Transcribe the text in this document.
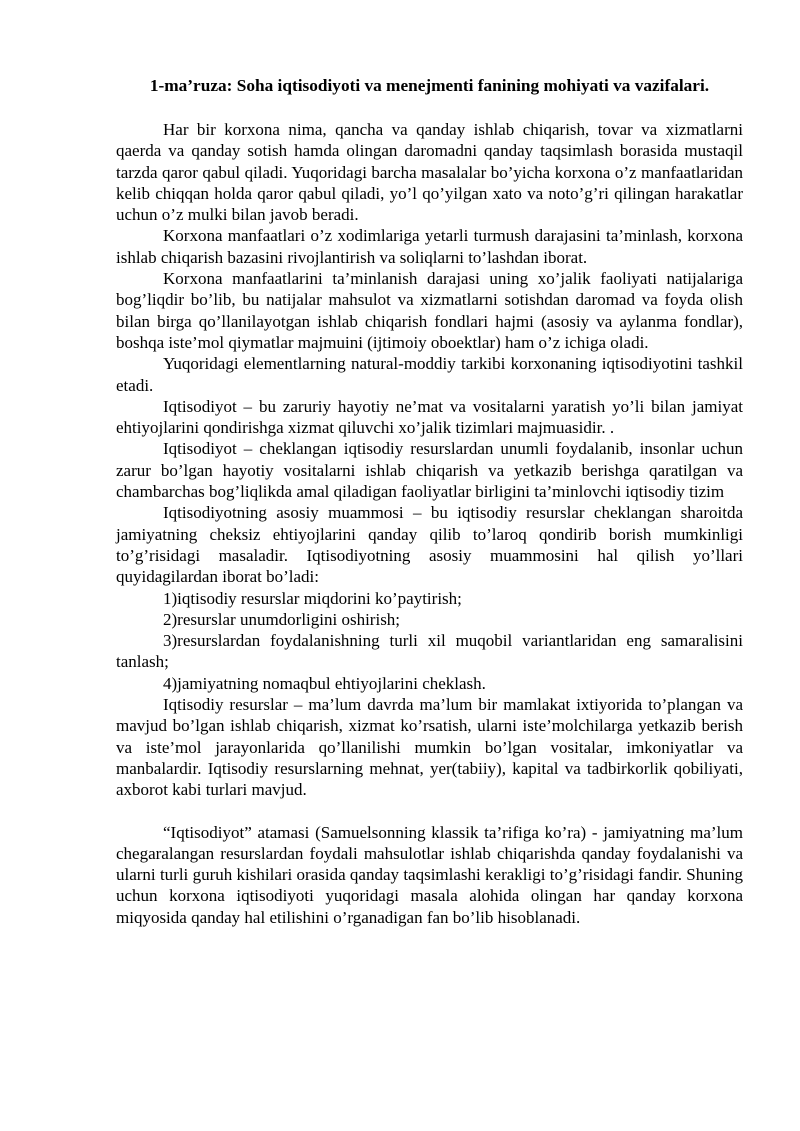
1-ma’ruza: Soha iqtisodiyoti va menejmenti fanining mohiyati va vazifalari.

Har bir korxona nima, qancha va qanday ishlab chiqarish, tovar va xizmatlarni qaerda va qanday sotish hamda olingan daromadni qanday taqsimlash borasida mustaqil tarzda qaror qabul qiladi. Yuqoridagi barcha masalalar bo’yicha korxona o’z manfaatlaridan kelib chiqqan holda qaror qabul qiladi, yo’l qo’yilgan xato va noto’g’ri qilingan harakatlar uchun o’z mulki bilan javob beradi.

Korxona manfaatlari o’z xodimlariga yetarli turmush darajasini ta’minlash, korxona ishlab chiqarish bazasini rivojlantirish va soliqlarni to’lashdan iborat.

Korxona manfaatlarini ta’minlanish darajasi uning xo’jalik faoliyati natijalariga bog’liqdir bo’lib, bu natijalar mahsulot va xizmatlarni sotishdan daromad va foyda olish bilan birga qo’llanilayotgan ishlab chiqarish fondlari hajmi (asosiy va aylanma fondlar), boshqa iste’mol qiymatlar majmuini (ijtimoiy oboektlar) ham o’z ichiga oladi.

Yuqoridagi elementlarning natural-moddiy tarkibi korxonaning iqtisodiyotini tashkil etadi.

Iqtisodiyot – bu zaruriy hayotiy ne’mat va vositalarni yaratish yo’li bilan jamiyat ehtiyojlarini qondirishga xizmat qiluvchi xo’jalik tizimlari majmuasidir. .

Iqtisodiyot – cheklangan iqtisodiy resurslardan unumli foydalanib, insonlar uchun zarur bo’lgan hayotiy vositalarni ishlab chiqarish va yetkazib berishga qaratilgan va chambarchas bog’liqlikda amal qiladigan faoliyatlar birligini ta’minlovchi iqtisodiy tizim

Iqtisodiyotning asosiy muammosi – bu iqtisodiy resurslar cheklangan sharoitda jamiyatning cheksiz ehtiyojlarini qanday qilib to’laroq qondirib borish mumkinligi to’g’risidagi masaladir. Iqtisodiyotning asosiy muammosini hal qilish yo’llari quyidagilardan iborat bo’ladi:

1)iqtisodiy resurslar miqdorini ko’paytirish;

2)resurslar unumdorligini oshirish;

3)resurslardan foydalanishning turli xil muqobil variantlaridan eng samaralisini tanlash;

4)jamiyatning nomaqbul ehtiyojlarini cheklash.

Iqtisodiy resurslar – ma’lum davrda ma’lum bir mamlakat ixtiyorida to’plangan va mavjud bo’lgan ishlab chiqarish, xizmat ko’rsatish, ularni iste’molchilarga yetkazib berish va iste’mol jarayonlarida qo’llanilishi mumkin bo’lgan vositalar, imkoniyatlar va manbalardir. Iqtisodiy resurslarning mehnat, yer(tabiiy), kapital va tadbirkorlik qobiliyati, axborot kabi turlari mavjud.

“Iqtisodiyot” atamasi (Samuelsonning klassik ta’rifiga ko’ra) - jamiyatning ma’lum chegaralangan resurslardan foydali mahsulotlar ishlab chiqarishda qanday foydalanishi va ularni turli guruh kishilari orasida qanday taqsimlashi kerakligi to’g’risidagi fandir. Shuning uchun korxona iqtisodiyoti yuqoridagi masala alohida olingan har qanday korxona miqyosida qanday hal etilishini o’rganadigan fan bo’lib hisoblanadi.
